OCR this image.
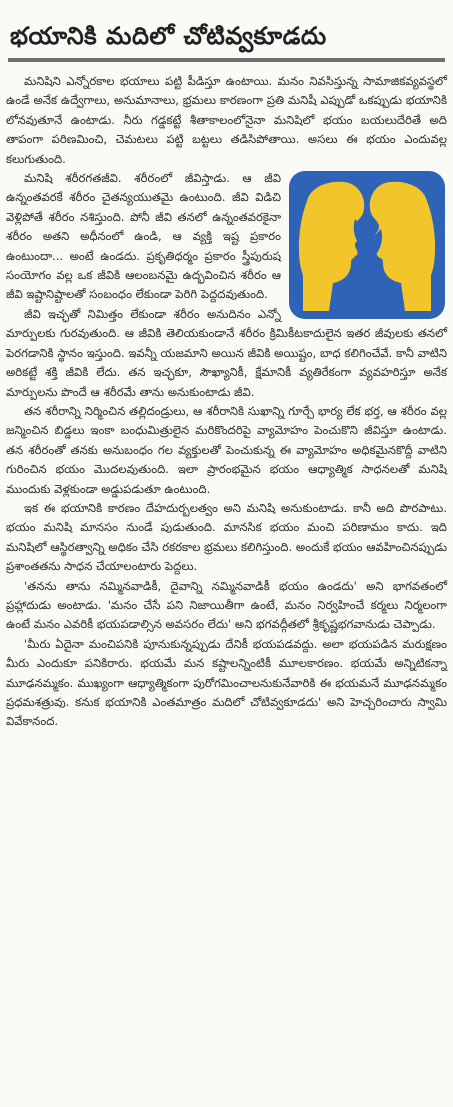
భయానికి మదిలో చోటివ్వకూడదు

మనిషిని ఎన్నోరకాల భయాలు పట్టి పీడిస్తూ ఉంటాయి. మనం నివసిస్తున్న సామాజికవ్యవస్థలో ఉండే అనేక ఉద్వేగాలు, అనుమానాలు, భ్రమలు కారణంగా ప్రతి మనిషీ ఎప్పుడో ఒకప్పుడు భయానికి లోనవుతూనే ఉంటాడు. నీరు గడ్డకట్టే శీతాకాలంలోనైనా మనిషిలో భయం బయలుదేరితే అది తాపంగా పరిణమించి, చెమటలు పట్టి బట్టలు తడిసిపోతాయి. అసలు ఈ భయం ఎందువల్ల కలుగుతుంది.

మనిషి శరీరగతజీవి. శరీరంలో జీవిస్తాడు. ఆ జీవి ఉన్నంతవరకే శరీరం చైతన్యయుతమై ఉంటుంది. జీవి విడిచి వెళ్లిపోతే శరీరం నశిస్తుంది. పోనీ జీవి తనలో ఉన్నంతవరకైనా శరీరం అతని అధీనంలో ఉండి, ఆ వ్యక్తి ఇష్ట ప్రకారం ఉంటుందా... అంటే ఉండదు. ప్రకృతిధర్మం ప్రకారం స్త్రీపురుష సంయోగం వల్ల ఒక జీవికి ఆలంబనమై ఉద్భవించిన శరీరం ఆ జీవి ఇష్టానిష్టాలతో సంబంధం లేకుండా పెరిగి పెద్దదవుతుంది.

జీవి ఇచ్ఛతో నిమిత్తం లేకుండా శరీరం అనుదినం ఎన్నో మార్పులకు గురవుతుంది. ఆ జీవికి తెలియకుండానే శరీరం క్రిమికీటకాదులైన ఇతర జీవులకు తనలో పెరగడానికి స్థానం ఇస్తుంది. ఇవన్నీ యజమాని అయిన జీవికి అయిష్టం, బాధ కలిగించేవే. కానీ వాటిని అరికట్టే శక్తి జీవికి లేదు. తన ఇచ్ఛకూ, సౌఖ్యానికీ, క్షేమానికీ వ్యతిరేకంగా వ్యవహరిస్తూ అనేక మార్పులను పొందే ఆ శరీరమే తాను అనుకుంటాడు జీవి.

తన శరీరాన్ని నిర్మించిన తల్లిదండ్రులు, ఆ శరీరానికి సుఖాన్ని గూర్చే భార్య లేక భర్త, ఆ శరీరం వల్ల జన్మించిన బిడ్డలు ఇంకా బంధుమిత్రులైన మరికొందరిపై వ్యామోహం పెంచుకొని జీవిస్తూ ఉంటాడు. తన శరీరంతో తనకు అనుబంధం గల వ్యక్తులతో పెంచుకున్న ఈ వ్యామోహం అధికమైనకొద్దీ వాటిని గురించిన భయం మొదలవుతుంది. ఇలా ప్రారంభమైన భయం ఆధ్యాత్మిక సాధనలతో మనిషి ముందుకు వెళ్లకుండా అడ్డుపడుతూ ఉంటుంది.

ఇక ఈ భయానికి కారణం దేహదుర్బలత్వం అని మనిషి అనుకుంటాడు. కానీ అది పొరపాటు. భయం మనిషి మానసం నుండే పుడుతుంది. మానసిక భయం మంచి పరిణామం కాదు. ఇది మనిషిలో ఆస్థిరత్వాన్ని అధికం చేసి రకరకాల భ్రమలు కలిగిస్తుంది. అందుకే భయం ఆవహించినప్పుడు ప్రశాంతతను సాధన చేయాలంటారు పెద్దలు.

'తనను తాను నమ్మినవాడికీ, దైవాన్ని నమ్మినవాడికీ భయం ఉండదు' అని భాగవతంలో ప్రహ్లాదుడు అంటాడు. 'మనం చేసే పని నిజాయితీగా ఉంటే, మనం నిర్వహించే కర్మలు నిర్మలంగా ఉంటే మనం ఎవరికీ భయపడాల్సిన అవసరం లేదు' అని భగవద్గీతలో శ్రీకృష్ణభగవానుడు చెప్పాడు.

'మీరు ఏదైనా మంచిపనికి పూనుకున్నప్పుడు దేనికీ భయపడవద్దు. అలా భయపడిన మరుక్షణం మీరు ఎందుకూ పనికిరారు. భయమే మన కష్టాలన్నింటికీ మూలకారణం. భయమే అన్నిటికన్నా మూఢనమ్మకం. ముఖ్యంగా ఆధ్యాత్మికంగా పురోగమించాలనుకునేవారికి ఈ భయమనే మూఢనమ్మకం ప్రధమశత్రువు. కనుక భయానికి ఎంతమాత్రం మదిలో చోటివ్వకూడదు' అని హెచ్చరించారు స్వామి వివేకానంద.
